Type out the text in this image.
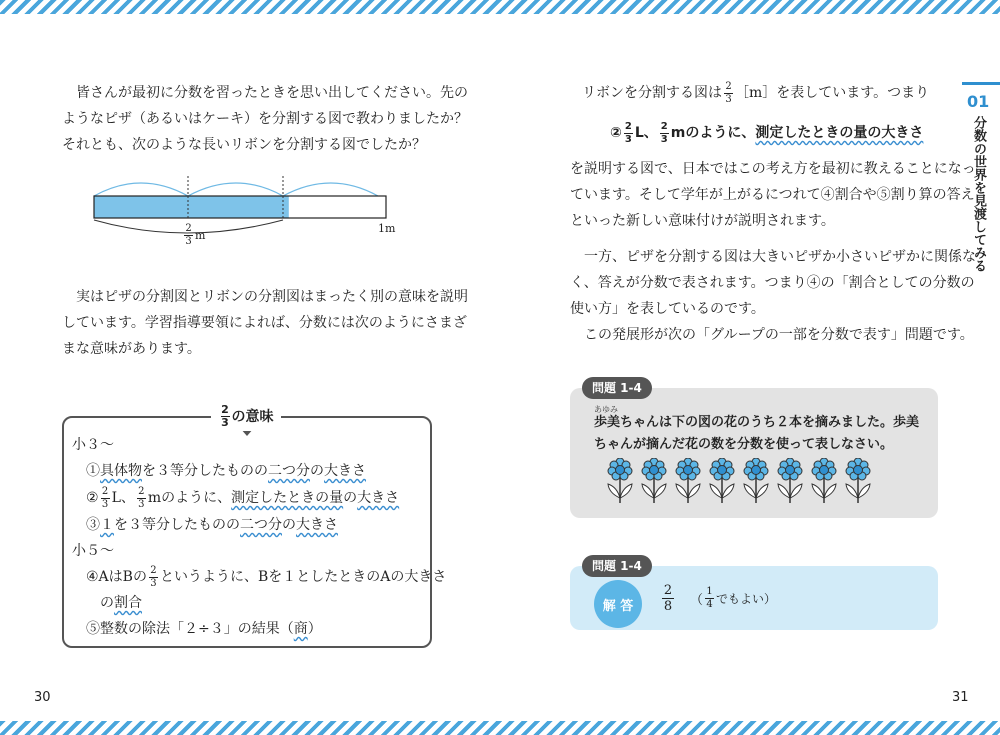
皆さんが最初に分数を習ったときを思い出してください。先の
ようなピザ（あるいはケーキ）を分割する図で教わりましたか？
それとも、次のような長いリボンを分割する図でしたか？
$\frac{2}{3}$ m
1m
実はピザの分割図とリボンの分割図はまったく別の意味を説明
しています。学習指導要領によれば、分数には次のようにさまざ
まな意味があります。
$\frac{2}{3}$ の意味
小３～
①具体物を３等分したものの二つ分の大きさ
② $\frac{2}{3}$ L、 $\frac{2}{3}$ mのように、測定したときの量の大きさ
③１を３等分したものの二つ分の大きさ
小５～
④AはBの $\frac{2}{3}$ というように、Bを１としたときのAの大きさ
の割合
⑤整数の除法「２÷３」の結果（商）
30
リボンを分割する図は $\frac{2}{3}$ ［m］を表しています。つまり
② $\frac{2}{3}$ L、 $\frac{2}{3}$ mのように、 測定したときの量の大きさ
を説明する図で、日本ではこの考え方を最初に教えることになっ
ています。そして学年が上がるにつれて④割合や⑤割り算の答え
といった新しい意味付けが説明されます。
一方、ピザを分割する図は大きいピザか小さいピザかに関係な
く、答えが分数で表されます。つまり④の「割合としての分数の
使い方」を表しているのです。
この発展形が次の「グループの一部を分数で表す」問題です。
問題 1-4
あゆみ
歩美ちゃんは下の図の花のうち２本を摘みました。歩美
ちゃんが摘んだ花の数を分数を使って表しなさい。
問題 1-4
解 答	$\frac{2}{8}$ （ $\frac{1}{4}$ でもよい）
01
分数の世界を見渡してみる
31
